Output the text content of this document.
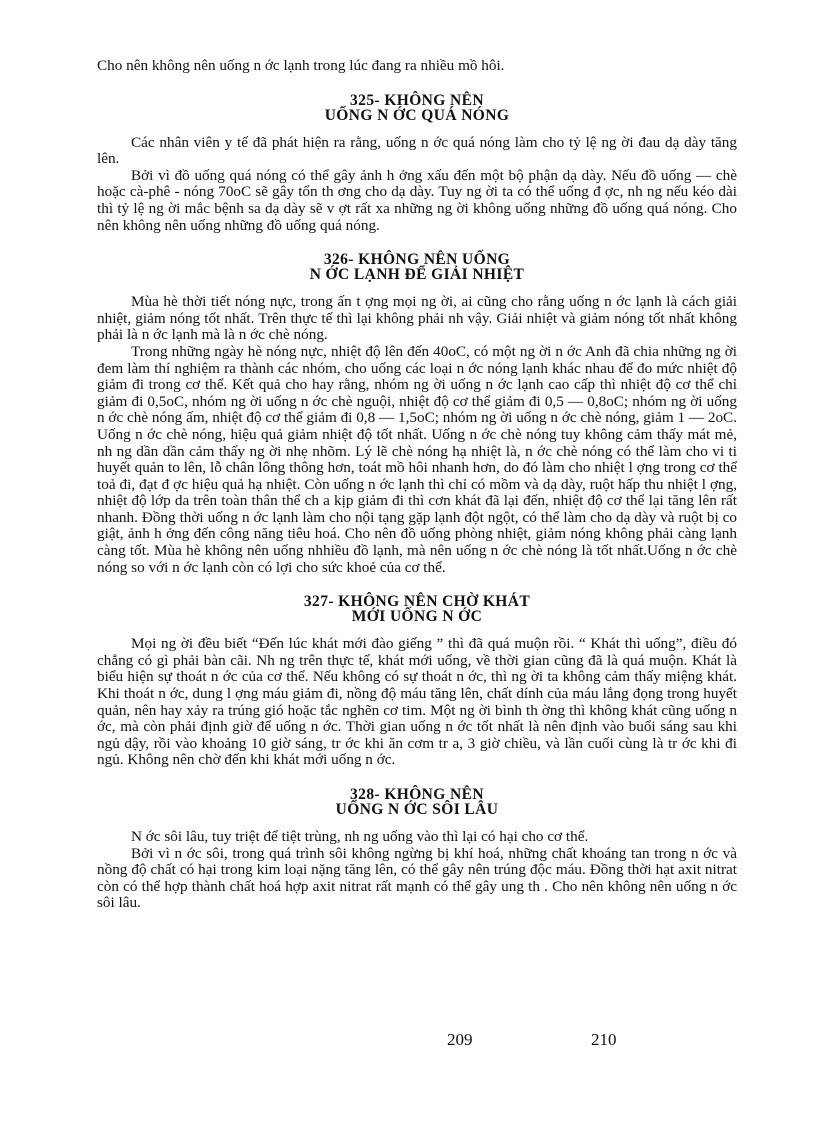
Cho nên không nên uống n ớc lạnh trong lúc đang ra nhiều mồ hôi.

325- KHÔNG NÊN
UỐNG N ỚC QUÁ NÓNG

Các nhân viên y tế đã phát hiện ra rằng, uống n ớc quá nóng làm cho tỷ lệ ng ời đau dạ dày tăng lên.

Bởi vì đồ uống quá nóng có thể gây ảnh h ởng xấu đến một bộ phận dạ dày. Nếu đồ uống — chè hoặc cà-phê - nóng 70oC sẽ gây tổn th ơng cho dạ dày. Tuy ng ời ta có thể uống đ ợc, nh ng nếu kéo dài thì tỷ lệ ng ời mắc bệnh sa dạ dày sẽ v ợt rất xa những ng ời không uống những đồ uống quá nóng. Cho nên không nên uống những đồ uống quá nóng.

326- KHÔNG NÊN UỐNG
N ỚC LẠNH ĐỂ GIẢI NHIỆT

Mùa hè thời tiết nóng nực, trong ấn t ợng mọi ng ời, ai cũng cho rằng uống n ớc lạnh là cách giải nhiệt, giảm nóng tốt nhất. Trên thực tế thì lại không phải nh vậy. Giải nhiệt và giảm nóng tốt nhất không phải là n ớc lạnh mà là n ớc chè nóng.

Trong những ngày hè nóng nực, nhiệt độ lên đến 40oC, có một ng ời n ớc Anh đã chia những ng ời đem làm thí nghiệm ra thành các nhóm, cho uống các loại n ớc nóng lạnh khác nhau để đo mức nhiệt độ giảm đi trong cơ thể. Kết quả cho hay rằng, nhóm ng ời uống n ớc lạnh cao cấp thì nhiệt độ cơ thể chỉ giảm đi 0,5oC, nhóm ng ời uống n ớc chè nguội, nhiệt độ cơ thể giảm đi 0,5 — 0,8oC; nhóm ng ời uống n ớc chè nóng ấm, nhiệt độ cơ thể giảm đi 0,8 — 1,5oC; nhóm ng ời uống n ớc chè nóng, giảm 1 — 2oC. Uống n ớc chè nóng, hiệu quả giảm nhiệt độ tốt nhất. Uống n ớc chè nóng tuy không cảm thấy mát mẻ, nh ng dần dần cảm thấy ng ời nhẹ nhõm. Lý lẽ chè nóng hạ nhiệt là, n ớc chè nóng có thể làm cho vi ti huyết quản to lên, lỗ chân lông thông hơn, toát mồ hôi nhanh hơn, do đó làm cho nhiệt l ợng trong cơ thể toả đi, đạt đ ợc hiệu quả hạ nhiệt. Còn uống n ớc lạnh thì chỉ có mồm và dạ dày, ruột hấp thu nhiệt l ợng, nhiệt độ lớp da trên toàn thân thể ch a kịp giảm đi thì cơn khát đã lại đến, nhiệt độ cơ thể lại tăng lên rất nhanh. Đồng thời uống n ớc lạnh làm cho nội tạng gặp lạnh đột ngột, có thể làm cho dạ dày và ruột bị co giật, ảnh h ởng đến công năng tiêu hoá. Cho nên đồ uống phòng nhiệt, giảm nóng không phải càng lạnh càng tốt. Mùa hè không nên uống nhhiều đồ lạnh, mà nên uống n ớc chè nóng là tốt nhất.Uống n ớc chè nóng so với n ớc lạnh còn có lợi cho sức khoẻ của cơ thể.

327- KHÔNG NÊN CHỜ KHÁT
MỚI UỐNG N ỚC

Mọi ng ời đều biết “Đến lúc khát mới đào giếng ” thì đã quá muộn rồi. “ Khát thì uống”, điều đó chẳng có gì phải bàn cãi. Nh ng trên thực tế, khát mới uống, về thời gian cũng đã là quá muộn. Khát là biểu hiện sự thoát n ớc của cơ thể. Nếu không có sự thoát n ớc, thì ng ời ta không cảm thấy miệng khát. Khi thoát n ớc, dung l ợng máu giảm đi, nồng độ máu tăng lên, chất dính của máu lắng đọng trong huyết quản, nên hay xảy ra trúng gió hoặc tắc nghẽn cơ tim. Một ng ời bình th ờng thì không khát cũng uống n ớc, mà còn phải định giờ để uống n ớc. Thời gian uống n ớc tốt nhất là nên định vào buổi sáng sau khi ngủ dậy, rồi vào khoảng 10 giờ sáng, tr ớc khi ăn cơm tr a, 3 giờ chiều, và lần cuối cùng là tr ớc khi đi ngủ. Không nên chờ đến khi khát mới uống n ớc.

328- KHÔNG NÊN
UỐNG N ỚC SÔI LÂU

N ớc sôi lâu, tuy triệt để tiệt trùng, nh ng uống vào thì lại có hại cho cơ thể.

Bởi vì n ớc sôi, trong quá trình sôi không ngừng bị khí hoá, những chất khoáng tan trong n ớc và nồng độ chất có hại trong kim loại nặng tăng lên, có thể gây nên trúng độc máu. Đồng thời hạt axit nitrat còn có thể hợp thành chất hoá hợp axit nitrat rất mạnh có thể gây ung th . Cho nên không nên uống n ớc sôi lâu.

209	210
